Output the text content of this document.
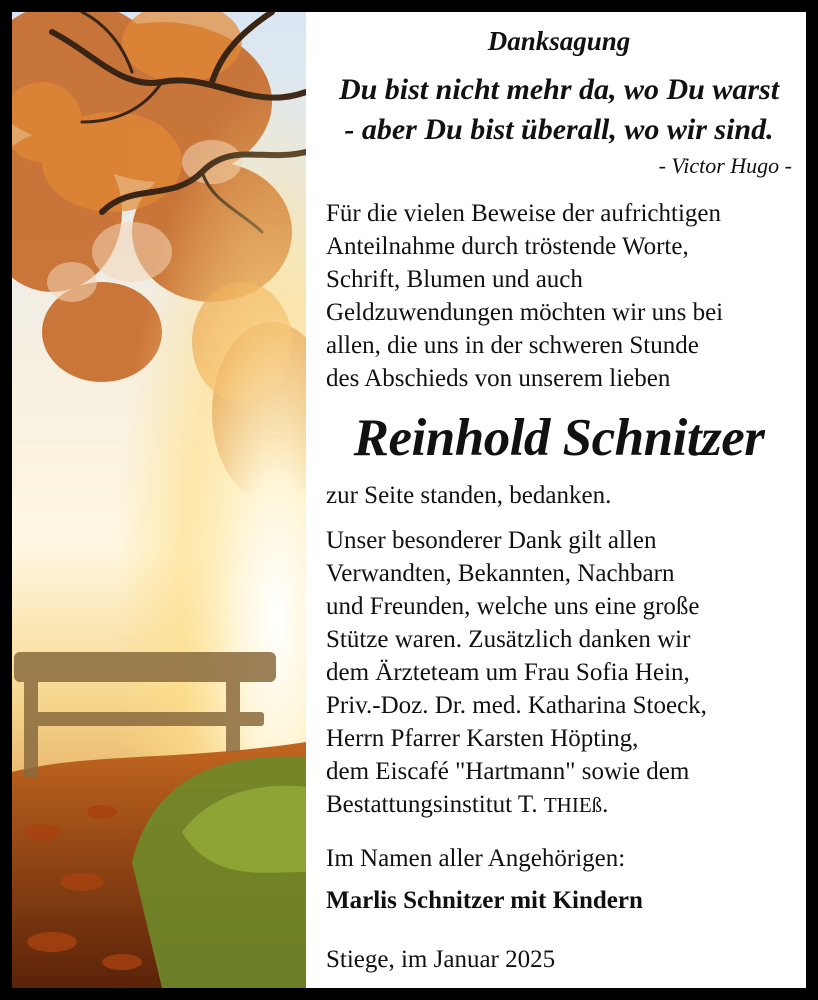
Danksagung
Du bist nicht mehr da, wo Du warst
- aber Du bist überall, wo wir sind.
- Victor Hugo -
Für die vielen Beweise der aufrichtigen
Anteilnahme durch tröstende Worte,
Schrift, Blumen und auch
Geldzuwendungen möchten wir uns bei
allen, die uns in der schweren Stunde
des Abschieds von unserem lieben
Reinhold Schnitzer
zur Seite standen, bedanken.
Unser besonderer Dank gilt allen
Verwandten, Bekannten, Nachbarn
und Freunden, welche uns eine große
Stütze waren. Zusätzlich danken wir
dem Ärzteteam um Frau Sofia Hein,
Priv.-Doz. Dr. med. Katharina Stoeck,
Herrn Pfarrer Karsten Höpting,
dem Eiscafé "Hartmann" sowie dem
Bestattungsinstitut T. THIEß.
Im Namen aller Angehörigen:
Marlis Schnitzer mit Kindern
Stiege, im Januar 2025
